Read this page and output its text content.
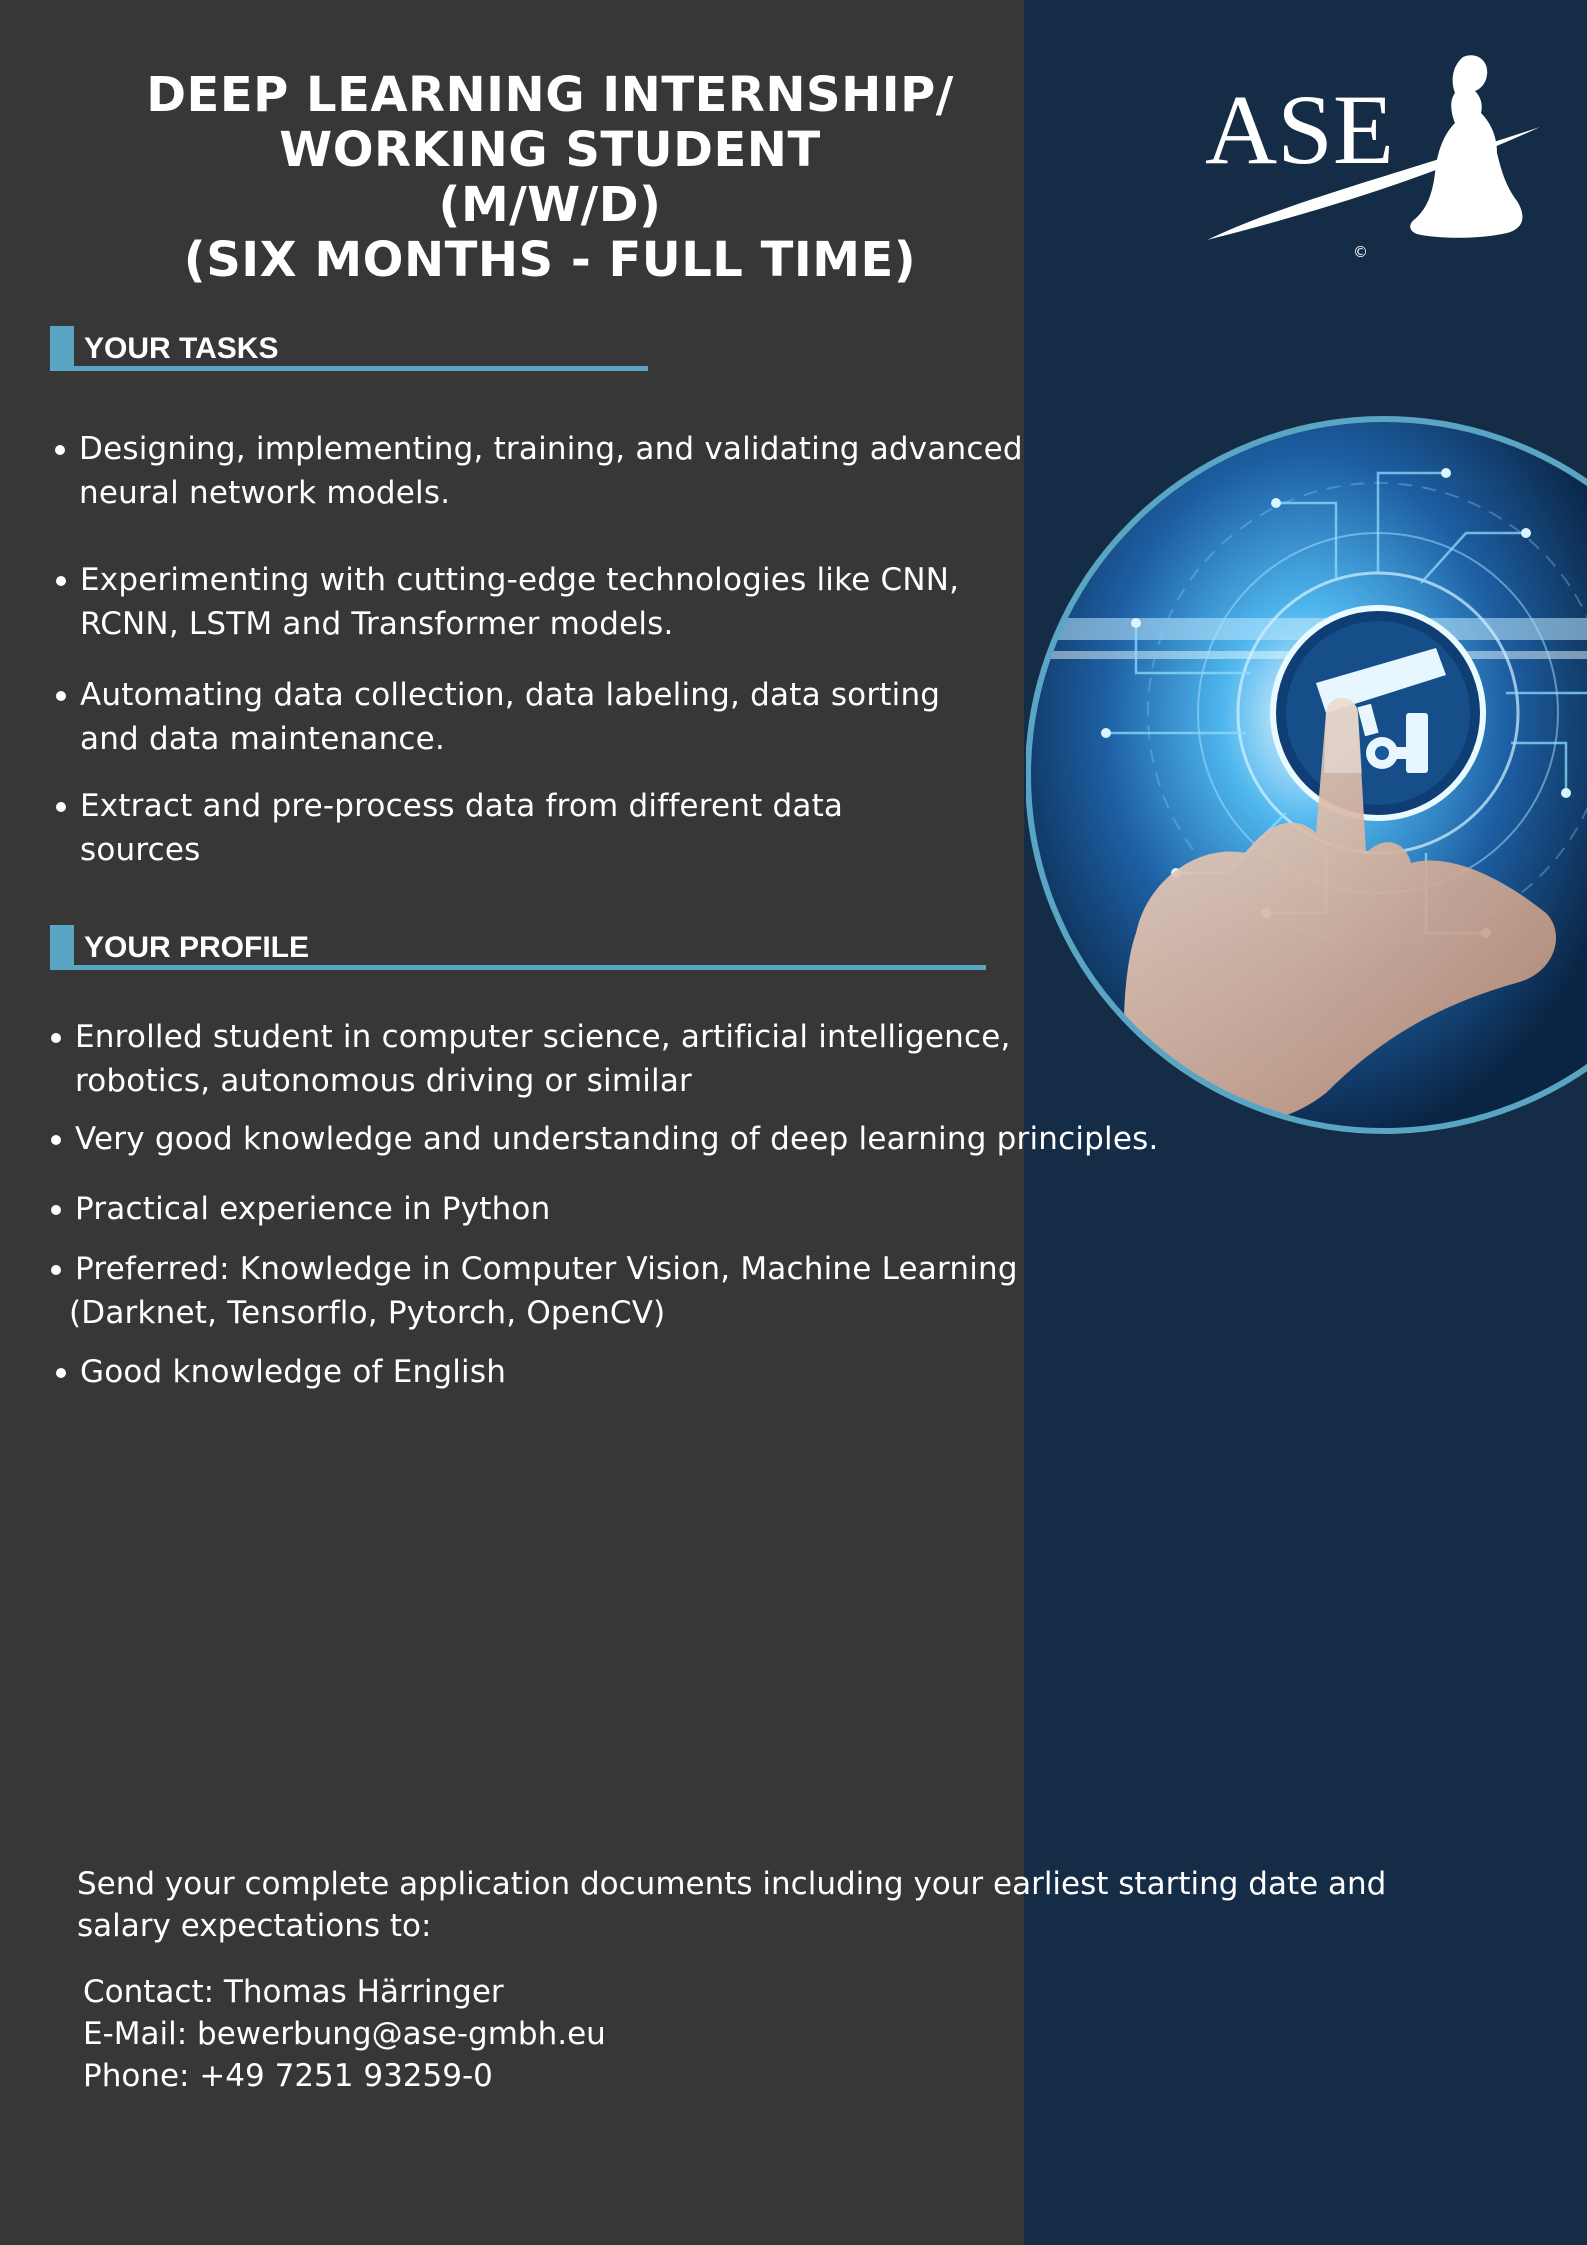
DEEP LEARNING INTERNSHIP/
WORKING STUDENT
(M/W/D)
(SIX MONTHS - FULL TIME)
ASE
©
YOUR TASKS
Designing, implementing, training, and validating advanced
neural network models.
Experimenting with cutting-edge technologies like CNN,
RCNN, LSTM and Transformer models.
Automating data collection, data labeling, data sorting
and data maintenance.
Extract and pre-process data from different data
sources
YOUR PROFILE
Enrolled student in computer science, artificial intelligence,
robotics, autonomous driving or similar
Very good knowledge and understanding of deep learning principles.
Practical experience in Python
Preferred: Knowledge in Computer Vision, Machine Learning
(Darknet, Tensorflo, Pytorch, OpenCV)
Good knowledge of English
Send your complete application documents including your earliest starting date and
salary expectations to:
Contact: Thomas Härringer
E-Mail: bewerbung@ase-gmbh.eu
Phone: +49 7251 93259-0
